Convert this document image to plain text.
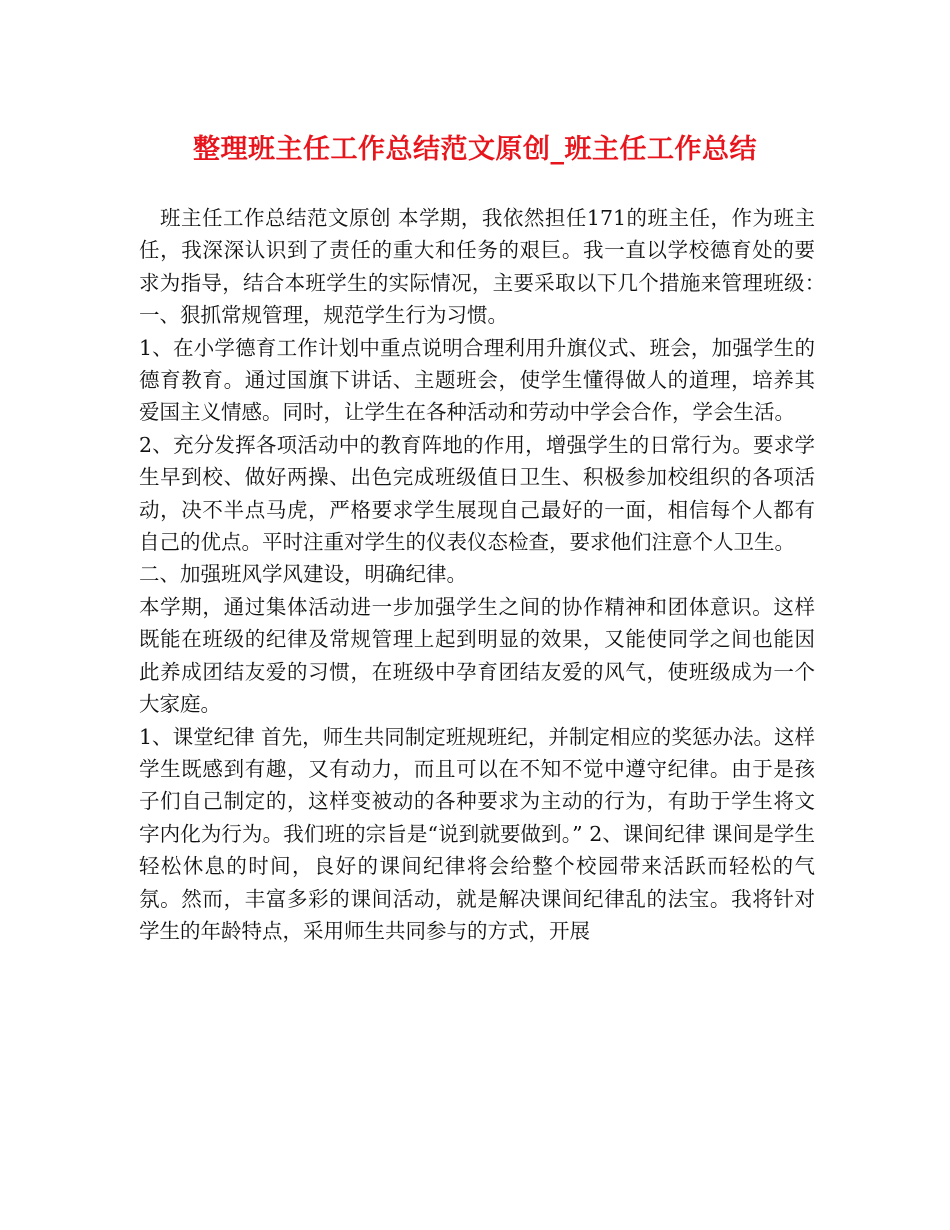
整理班主任工作总结范文原创_班主任工作总结

　班主任工作总结范文原创 本学期，我依然担任171的班主任，作为班主任，我深深认识到了责任的重大和任务的艰巨。我一直以学校德育处的要求为指导，结合本班学生的实际情况，主要采取以下几个措施来管理班级：　一、狠抓常规管理，规范学生行为习惯。

1、在小学德育工作计划中重点说明合理利用升旗仪式、班会，加强学生的德育教育。通过国旗下讲话、主题班会，使学生懂得做人的道理，培养其爱国主义情感。同时，让学生在各种活动和劳动中学会合作，学会生活。

2、充分发挥各项活动中的教育阵地的作用，增强学生的日常行为。要求学生早到校、做好两操、出色完成班级值日卫生、积极参加校组织的各项活动，决不半点马虎，严格要求学生展现自己最好的一面，相信每个人都有自己的优点。平时注重对学生的仪表仪态检查，要求他们注意个人卫生。

二、加强班风学风建设，明确纪律。

本学期，通过集体活动进一步加强学生之间的协作精神和团体意识。这样既能在班级的纪律及常规管理上起到明显的效果，又能使同学之间也能因此养成团结友爱的习惯，在班级中孕育团结友爱的风气，使班级成为一个大家庭。

1、课堂纪律 首先，师生共同制定班规班纪，并制定相应的奖惩办法。这样学生既感到有趣，又有动力，而且可以在不知不觉中遵守纪律。由于是孩子们自己制定的，这样变被动的各种要求为主动的行为，有助于学生将文字内化为行为。我们班的宗旨是“说到就要做到。” 2、课间纪律 课间是学生轻松休息的时间，良好的课间纪律将会给整个校园带来活跃而轻松的气氛。然而，丰富多彩的课间活动，就是解决课间纪律乱的法宝。我将针对学生的年龄特点，采用师生共同参与的方式，开展
